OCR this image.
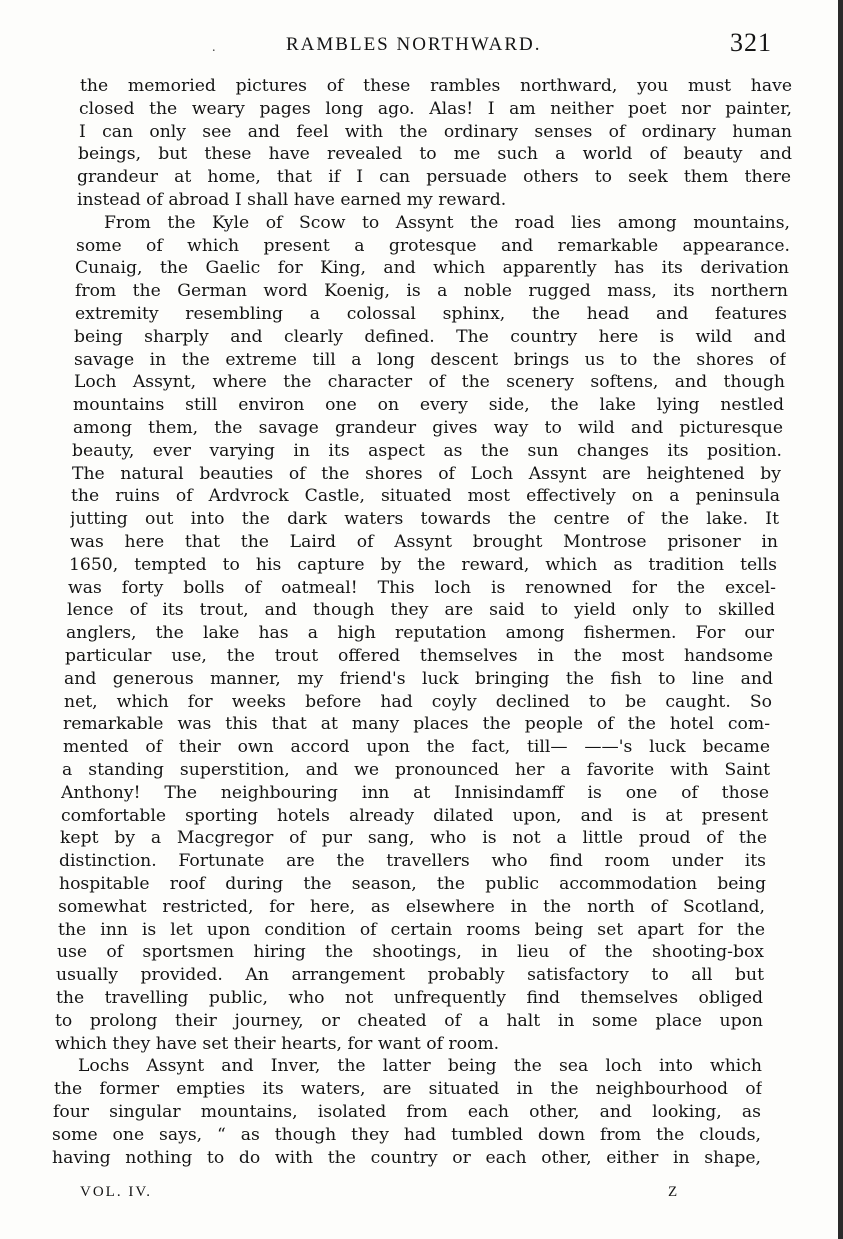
.	RAMBLES NORTHWARD.	321
the memoried pictures of these rambles northward, you must have
closed the weary pages long ago. Alas! I am neither poet nor painter,
I can only see and feel with the ordinary senses of ordinary human
beings, but these have revealed to me such a world of beauty and
grandeur at home, that if I can persuade others to seek them there
instead of abroad I shall have earned my reward.
From the Kyle of Scow to Assynt the road lies among mountains,
some of which present a grotesque and remarkable appearance.
Cunaig, the Gaelic for King, and which apparently has its derivation
from the German word Koenig, is a noble rugged mass, its northern
extremity resembling a colossal sphinx, the head and features
being sharply and clearly defined. The country here is wild and
savage in the extreme till a long descent brings us to the shores of
Loch Assynt, where the character of the scenery softens, and though
mountains still environ one on every side, the lake lying nestled
among them, the savage grandeur gives way to wild and picturesque
beauty, ever varying in its aspect as the sun changes its position.
The natural beauties of the shores of Loch Assynt are heightened by
the ruins of Ardvrock Castle, situated most effectively on a peninsula
jutting out into the dark waters towards the centre of the lake. It
was here that the Laird of Assynt brought Montrose prisoner in
1650, tempted to his capture by the reward, which as tradition tells
was forty bolls of oatmeal! This loch is renowned for the excel-
lence of its trout, and though they are said to yield only to skilled
anglers, the lake has a high reputation among fishermen. For our
particular use, the trout offered themselves in the most handsome
and generous manner, my friend's luck bringing the fish to line and
net, which for weeks before had coyly declined to be caught. So
remarkable was this that at many places the people of the hotel com-
mented of their own accord upon the fact, till— ——'s luck became
a standing superstition, and we pronounced her a favorite with Saint
Anthony! The neighbouring inn at Innisindamff is one of those
comfortable sporting hotels already dilated upon, and is at present
kept by a Macgregor of pur sang, who is not a little proud of the
distinction. Fortunate are the travellers who find room under its
hospitable roof during the season, the public accommodation being
somewhat restricted, for here, as elsewhere in the north of Scotland,
the inn is let upon condition of certain rooms being set apart for the
use of sportsmen hiring the shootings, in lieu of the shooting-box
usually provided. An arrangement probably satisfactory to all but
the travelling public, who not unfrequently find themselves obliged
to prolong their journey, or cheated of a halt in some place upon
which they have set their hearts, for want of room.
Lochs Assynt and Inver, the latter being the sea loch into which
the former empties its waters, are situated in the neighbourhood of
four singular mountains, isolated from each other, and looking, as
some one says, “ as though they had tumbled down from the clouds,
having nothing to do with the country or each other, either in shape,
VOL. IV.	Z
